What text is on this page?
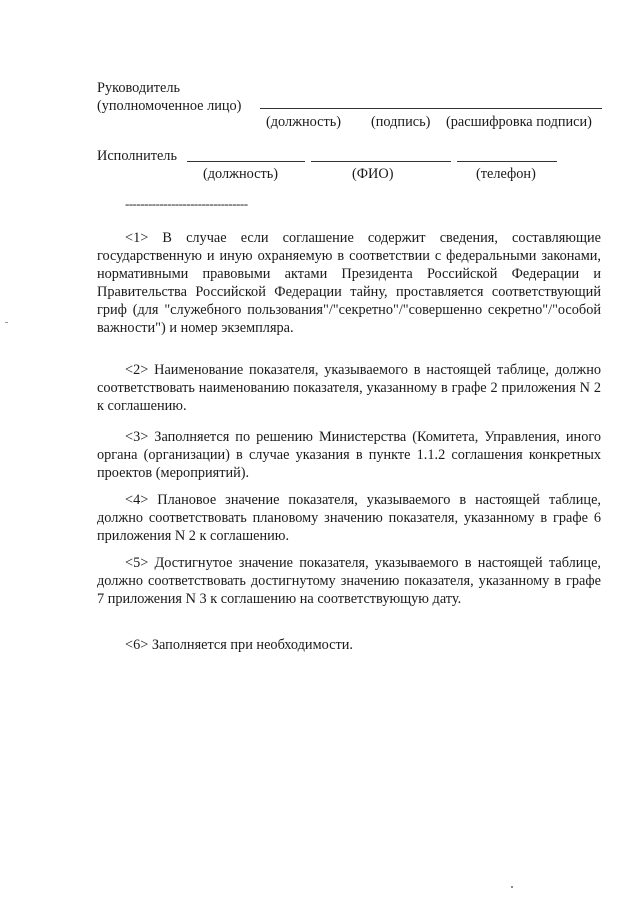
Руководитель
(уполномоченное лицо)
(должность) (подпись) (расшифровка подписи)
Исполнитель
(должность)	(ФИО)	(телефон)
--------------------------------

<1> В случае если соглашение содержит сведения, составляющие государственную и иную охраняемую в соответствии с федеральными законами, нормативными правовыми актами Президента Российской Федерации и Правительства Российской Федерации тайну, проставляется соответствующий гриф (для "служебного пользования"/"секретно"/"совершенно секретно"/"особой важности") и номер экземпляра.

<2> Наименование показателя, указываемого в настоящей таблице, должно соответствовать наименованию показателя, указанному в графе 2 приложения N 2 к соглашению.

<3> Заполняется по решению Министерства (Комитета, Управления, иного органа (организации) в случае указания в пункте 1.1.2 соглашения конкретных проектов (мероприятий).

<4> Плановое значение показателя, указываемого в настоящей таблице, должно соответствовать плановому значению показателя, указанному в графе 6 приложения N 2 к соглашению.

<5> Достигнутое значение показателя, указываемого в настоящей таблице, должно соответствовать достигнутому значению показателя, указанному в графе 7 приложения N 3 к соглашению на соответствующую дату.

<6> Заполняется при необходимости.
